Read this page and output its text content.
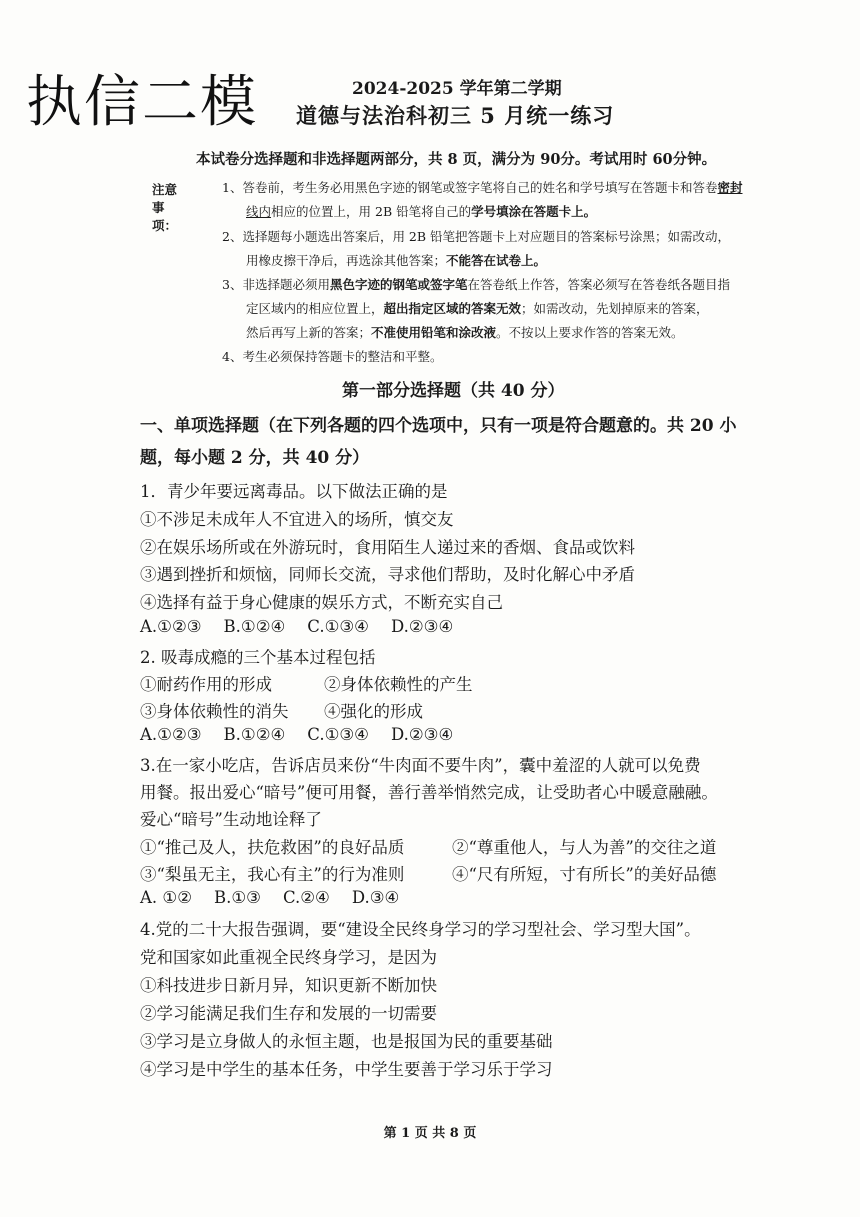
执信二模	2024-2025 学年第二学期
道德与法治科初三 5 月统一练习
本试卷分选择题和非选择题两部分，共 8 页，满分为 90分。考试用时 60分钟。
注意事项：
1、答卷前，考生务必用黑色字迹的钢笔或签字笔将自己的姓名和学号填写在答题卡和答卷密封
线内相应的位置上，用 2B 铅笔将自己的学号填涂在答题卡上。
2、选择题每小题选出答案后，用 2B 铅笔把答题卡上对应题目的答案标号涂黑；如需改动，
用橡皮擦干净后，再选涂其他答案；不能答在试卷上。
3、非选择题必须用黑色字迹的钢笔或签字笔在答卷纸上作答，答案必须写在答卷纸各题目指
定区域内的相应位置上，超出指定区域的答案无效；如需改动，先划掉原来的答案，
然后再写上新的答案；不准使用铅笔和涂改液。不按以上要求作答的答案无效。
4、考生必须保持答题卡的整洁和平整。
第一部分选择题（共 40 分）
一、单项选择题（在下列各题的四个选项中，只有一项是符合题意的。共 20 小题，每小题 2 分，共 40 分）
1．青少年要远离毒品。以下做法正确的是
①不涉足未成年人不宜进入的场所，慎交友
②在娱乐场所或在外游玩时，食用陌生人递过来的香烟、食品或饮料
③遇到挫折和烦恼，同师长交流，寻求他们帮助，及时化解心中矛盾
④选择有益于身心健康的娱乐方式，不断充实自己
A.①②③ B.①②④ C.①③④ D.②③④
2. 吸毒成瘾的三个基本过程包括
①耐药作用的形成	②身体依赖性的产生
③身体依赖性的消失 ④强化的形成
A.①②③ B.①②④ C.①③④ D.②③④
3.在一家小吃店，告诉店员来份“牛肉面不要牛肉”，囊中羞涩的人就可以免费
用餐。报出爱心“暗号”便可用餐，善行善举悄然完成，让受助者心中暖意融融。
爱心“暗号”生动地诠释了
①“推己及人，扶危救困”的良好品质	②“尊重他人，与人为善”的交往之道
③“梨虽无主，我心有主”的行为准则	④“尺有所短，寸有所长”的美好品德
A. ①② B.①③ C.②④ D.③④
4.党的二十大报告强调，要“建设全民终身学习的学习型社会、学习型大国”。
党和国家如此重视全民终身学习，是因为
①科技进步日新月异，知识更新不断加快
②学习能满足我们生存和发展的一切需要
③学习是立身做人的永恒主题，也是报国为民的重要基础
④学习是中学生的基本任务，中学生要善于学习乐于学习
第 1 页 共 8 页
